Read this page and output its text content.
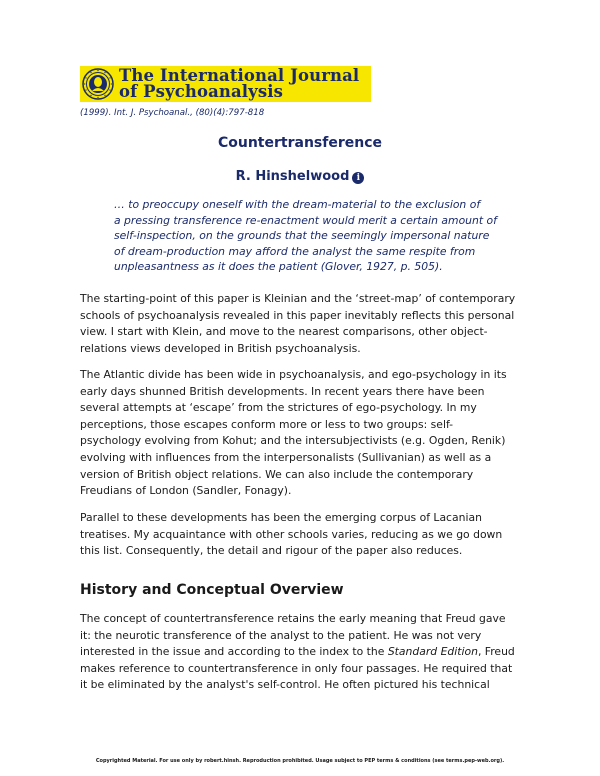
The International Journal
of Psychoanalysis
(1999). Int. J. Psychoanal., (80)(4):797-818
Countertransference
R. Hinshelwood i
… to preoccupy oneself with the dream-material to the exclusion of
a pressing transference re-enactment would merit a certain amount of
self-inspection, on the grounds that the seemingly impersonal nature
of dream-production may afford the analyst the same respite from
unpleasantness as it does the patient (Glover, 1927, p. 505).
The starting-point of this paper is Kleinian and the ‘street-map’ of contemporary
schools of psychoanalysis revealed in this paper inevitably reflects this personal
view. I start with Klein, and move to the nearest comparisons, other object-
relations views developed in British psychoanalysis.
The Atlantic divide has been wide in psychoanalysis, and ego-psychology in its
early days shunned British developments. In recent years there have been
several attempts at ‘escape’ from the strictures of ego-psychology. In my
perceptions, those escapes conform more or less to two groups: self-
psychology evolving from Kohut; and the intersubjectivists (e.g. Ogden, Renik)
evolving with influences from the interpersonalists (Sullivanian) as well as a
version of British object relations. We can also include the contemporary
Freudians of London (Sandler, Fonagy).
Parallel to these developments has been the emerging corpus of Lacanian
treatises. My acquaintance with other schools varies, reducing as we go down
this list. Consequently, the detail and rigour of the paper also reduces.
History and Conceptual Overview
The concept of countertransference retains the early meaning that Freud gave
it: the neurotic transference of the analyst to the patient. He was not very
interested in the issue and according to the index to the Standard Edition, Freud
makes reference to countertransference in only four passages. He required that
it be eliminated by the analyst's self-control. He often pictured his technical
Copyrighted Material. For use only by robert.hinsh. Reproduction prohibited. Usage subject to PEP terms & conditions (see terms.pep-web.org).
